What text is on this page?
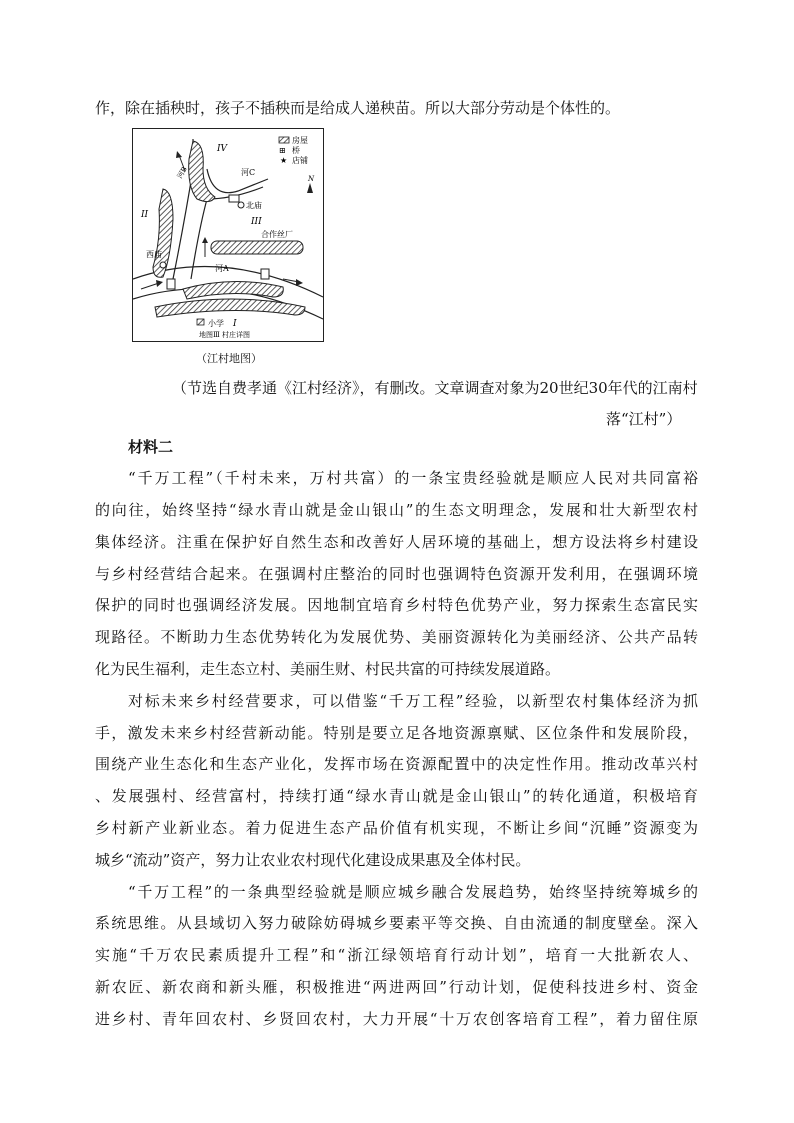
作，除在插秧时，孩子不插秧而是给成人递秧苗。所以大部分劳动是个体性的。
房屋
⊞ 桥
★ 店铺
N
IV
河C
河B
北庙
II
III
合作丝厂
西庙
河A
小学 I
地图Ⅲ 村庄详图
（江村地图）
（节选自费孝通《江村经济》，有删改。文章调查对象为20世纪30年代的江南村
落“江村”）
材料二
“千万工程”（千村未来，万村共富）的一条宝贵经验就是顺应人民对共同富裕
的向往，始终坚持“绿水青山就是金山银山”的生态文明理念，发展和壮大新型农村
集体经济。注重在保护好自然生态和改善好人居环境的基础上，想方设法将乡村建设
与乡村经营结合起来。在强调村庄整治的同时也强调特色资源开发利用，在强调环境
保护的同时也强调经济发展。因地制宜培育乡村特色优势产业，努力探索生态富民实
现路径。不断助力生态优势转化为发展优势、美丽资源转化为美丽经济、公共产品转
化为民生福利，走生态立村、美丽生财、村民共富的可持续发展道路。
对标未来乡村经营要求，可以借鉴“千万工程”经验，以新型农村集体经济为抓
手，激发未来乡村经营新动能。特别是要立足各地资源禀赋、区位条件和发展阶段，
围绕产业生态化和生态产业化，发挥市场在资源配置中的决定性作用。推动改革兴村
、发展强村、经营富村，持续打通“绿水青山就是金山银山”的转化通道，积极培育
乡村新产业新业态。着力促进生态产品价值有机实现，不断让乡间“沉睡”资源变为
城乡“流动”资产，努力让农业农村现代化建设成果惠及全体村民。
“千万工程”的一条典型经验就是顺应城乡融合发展趋势，始终坚持统筹城乡的
系统思维。从县域切入努力破除妨碍城乡要素平等交换、自由流通的制度壁垒。深入
实施“千万农民素质提升工程”和“浙江绿领培育行动计划”，培育一大批新农人、
新农匠、新农商和新头雁，积极推进“两进两回”行动计划，促使科技进乡村、资金
进乡村、青年回农村、乡贤回农村，大力开展“十万农创客培育工程”，着力留住原
